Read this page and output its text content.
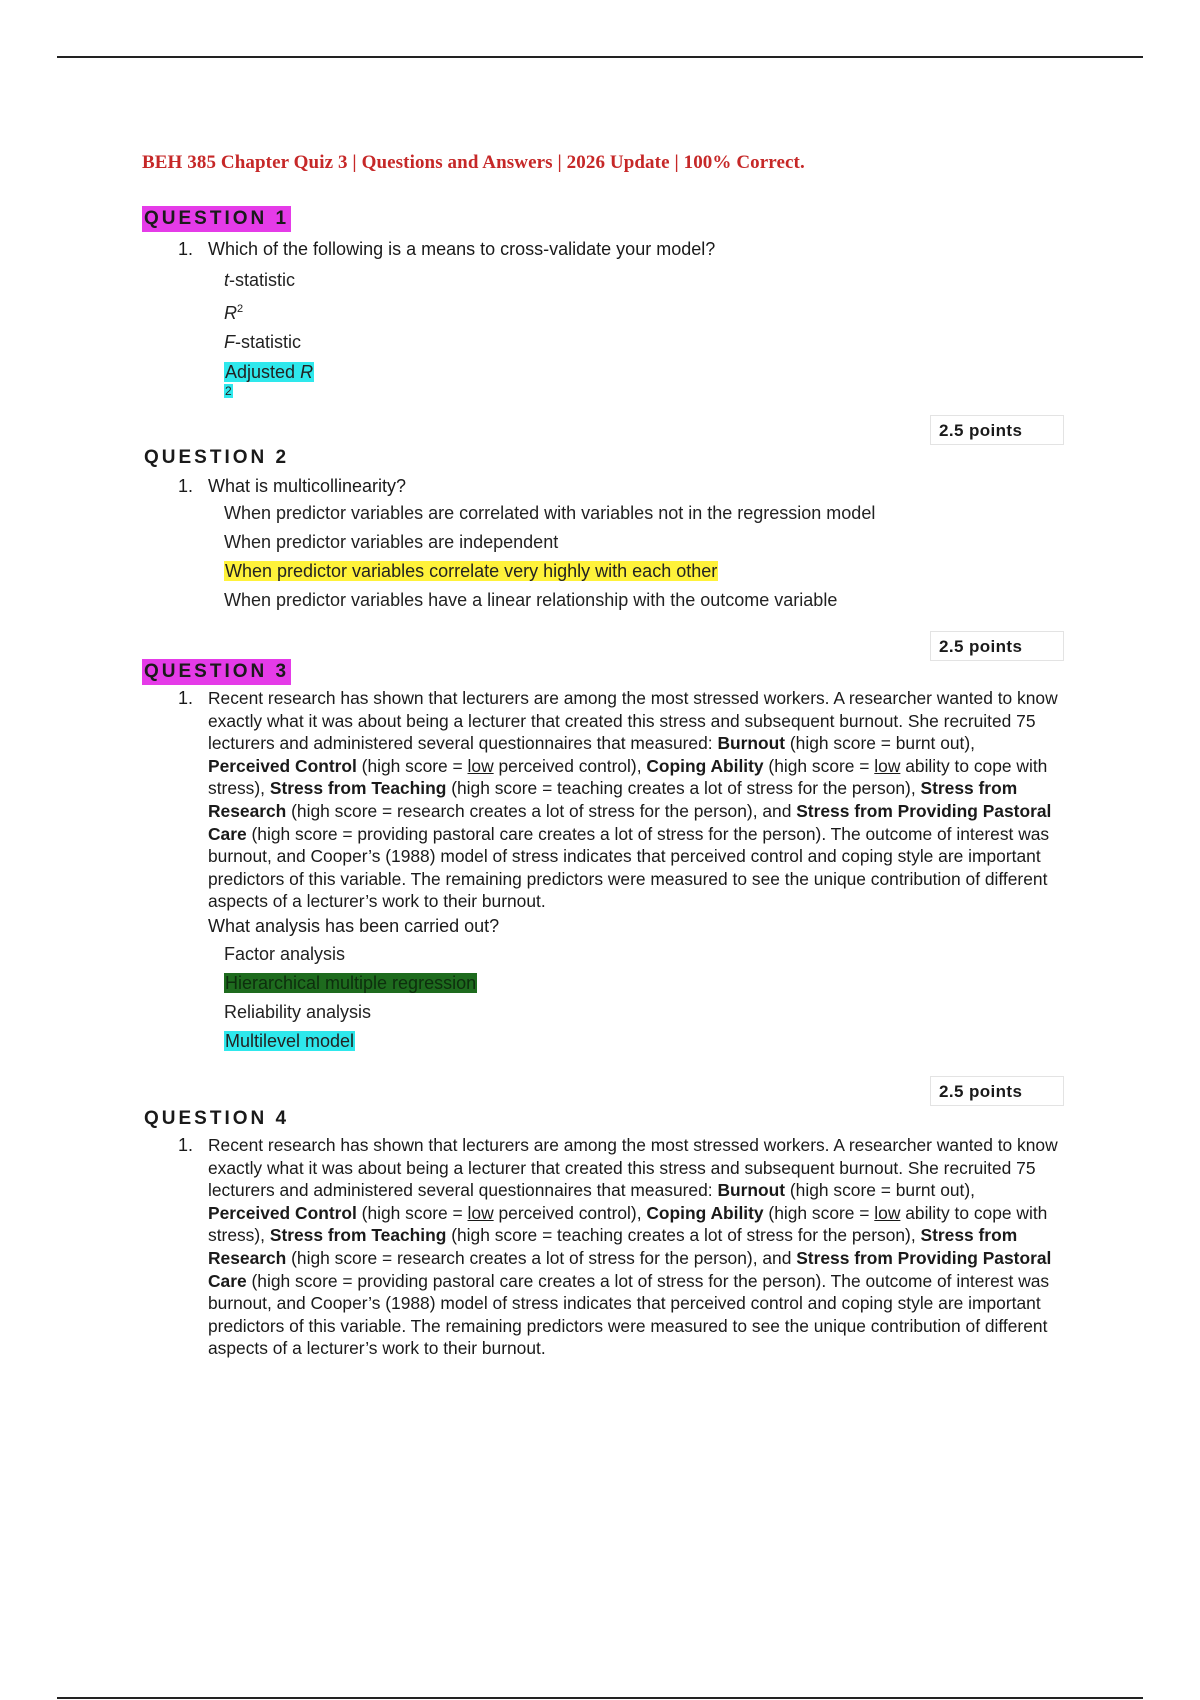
BEH 385 Chapter Quiz 3 | Questions and Answers | 2026 Update | 100% Correct.
QUESTION 1
1. Which of the following is a means to cross-validate your model?
t-statistic
$R^2$
F-statistic
Adjusted R
$^2$
2.5 points
QUESTION 2
1. What is multicollinearity?
When predictor variables are correlated with variables not in the regression model
When predictor variables are independent
When predictor variables correlate very highly with each other
When predictor variables have a linear relationship with the outcome variable
2.5 points
QUESTION 3
1. Recent research has shown that lecturers are among the most stressed workers. A researcher wanted to know exactly what it was about being a lecturer that created this stress and subsequent burnout. She recruited 75 lecturers and administered several questionnaires that measured: Burnout (high score = burnt out), Perceived Control (high score = low perceived control), Coping Ability (high score = low ability to cope with stress), Stress from Teaching (high score = teaching creates a lot of stress for the person), Stress from Research (high score = research creates a lot of stress for the person), and Stress from Providing Pastoral Care (high score = providing pastoral care creates a lot of stress for the person). The outcome of interest was burnout, and Cooper’s (1988) model of stress indicates that perceived control and coping style are important predictors of this variable. The remaining predictors were measured to see the unique contribution of different aspects of a lecturer’s work to their burnout.
What analysis has been carried out?
Factor analysis
Hierarchical multiple regression
Reliability analysis
Multilevel model
2.5 points
QUESTION 4
1. Recent research has shown that lecturers are among the most stressed workers. A researcher wanted to know exactly what it was about being a lecturer that created this stress and subsequent burnout. She recruited 75 lecturers and administered several questionnaires that measured: Burnout (high score = burnt out), Perceived Control (high score = low perceived control), Coping Ability (high score = low ability to cope with stress), Stress from Teaching (high score = teaching creates a lot of stress for the person), Stress from Research (high score = research creates a lot of stress for the person), and Stress from Providing Pastoral Care (high score = providing pastoral care creates a lot of stress for the person). The outcome of interest was burnout, and Cooper’s (1988) model of stress indicates that perceived control and coping style are important predictors of this variable. The remaining predictors were measured to see the unique contribution of different aspects of a lecturer’s work to their burnout.
